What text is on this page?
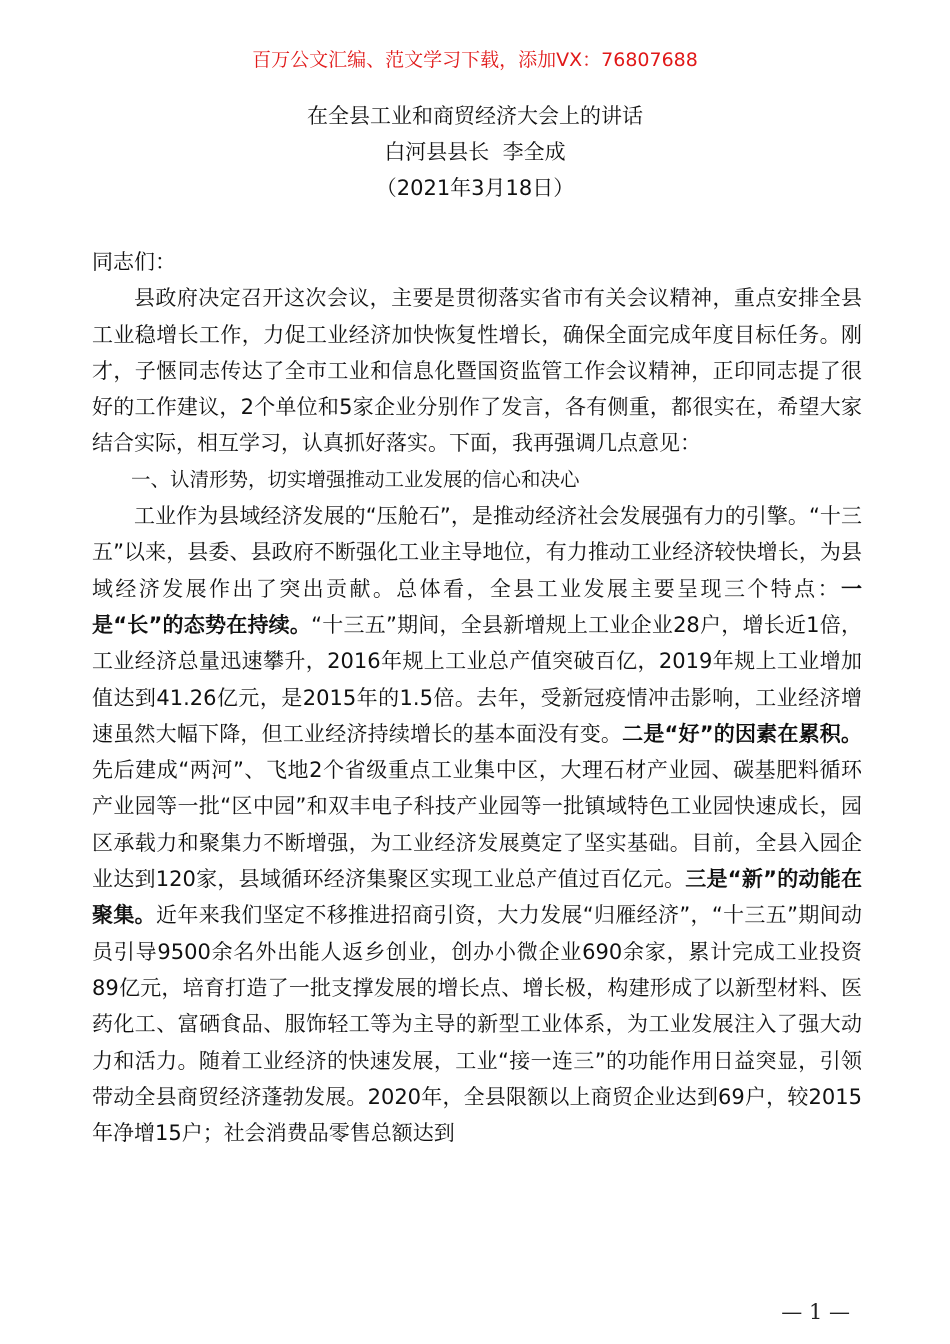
百万公文汇编、范文学习下载，添加VX：76807688
在全县工业和商贸经济大会上的讲话
白河县县长  李全成
（2021年3月18日）

同志们：

县政府决定召开这次会议，主要是贯彻落实省市有关会议精神，重点安排全县工业稳增长工作，力促工业经济加快恢复性增长，确保全面完成年度目标任务。刚才，子愜同志传达了全市工业和信息化暨国资监管工作会议精神，正印同志提了很好的工作建议，2个单位和5家企业分别作了发言，各有侧重，都很实在，希望大家结合实际，相互学习，认真抓好落实。下面，我再强调几点意见：

一、认清形势，切实增强推动工业发展的信心和决心

工业作为县域经济发展的“压舱石”，是推动经济社会发展强有力的引擎。“十三五”以来，县委、县政府不断强化工业主导地位，有力推动工业经济较快增长，为县域经济发展作出了突出贡献。总体看，全县工业发展主要呈现三个特点：一是“长”的态势在持续。“十三五”期间，全县新增规上工业企业28户，增长近1倍，工业经济总量迅速攀升，2016年规上工业总产值突破百亿，2019年规上工业增加值达到41.26亿元，是2015年的1.5倍。去年，受新冠疫情冲击影响，工业经济增速虽然大幅下降，但工业经济持续增长的基本面没有变。二是“好”的因素在累积。先后建成“两河”、飞地2个省级重点工业集中区，大理石材产业园、碳基肥料循环产业园等一批“区中园”和双丰电子科技产业园等一批镇域特色工业园快速成长，园区承载力和聚集力不断增强，为工业经济发展奠定了坚实基础。目前，全县入园企业达到120家，县域循环经济集聚区实现工业总产值过百亿元。三是“新”的动能在聚集。近年来我们坚定不移推进招商引资，大力发展“归雁经济”，“十三五”期间动员引导9500余名外出能人返乡创业，创办小微企业690余家，累计完成工业投资89亿元，培育打造了一批支撑发展的增长点、增长极，构建形成了以新型材料、医药化工、富硒食品、服饰轻工等为主导的新型工业体系，为工业发展注入了强大动力和活力。随着工业经济的快速发展，工业“接一连三”的功能作用日益突显，引领带动全县商贸经济蓬勃发展。2020年，全县限额以上商贸企业达到69户，较2015年净增15户；社会消费品零售总额达到

— 1 —
